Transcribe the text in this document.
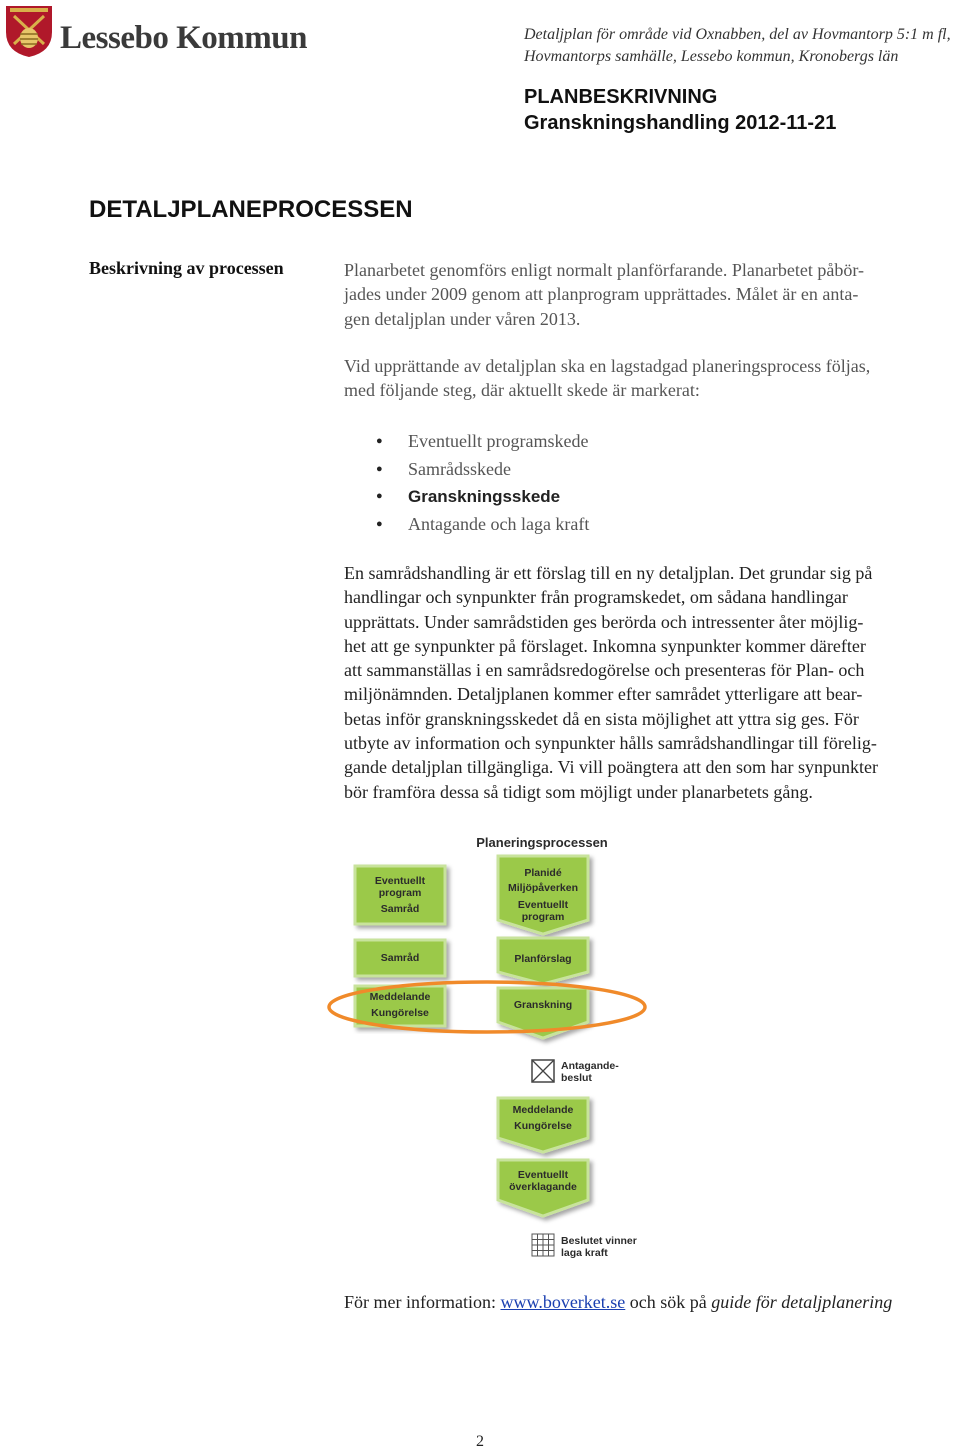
Lessebo Kommun	Detaljplan för område vid Oxnabben, del av Hovmantorp 5:1 m fl,
Hovmantorps samhälle, Lessebo kommun, Kronobergs län
PLANBESKRIVNING
Granskningshandling 2012-11-21
DETALJPLANEPROCESSEN
Beskrivning av processen	Planarbetet genomförs enligt normalt planförfarande. Planarbetet påbör-
jades under 2009 genom att planprogram upprättades. Målet är en anta-
gen detaljplan under våren 2013.
Vid upprättande av detaljplan ska en lagstadgad planeringsprocess följas,
med följande steg, där aktuellt skede är markerat:
● Eventuellt programskede
● Samrådsskede
● Granskningsskede
● Antagande och laga kraft
En samrådshandling är ett förslag till en ny detaljplan. Det grundar sig på
handlingar och synpunkter från programskedet, om sådana handlingar
upprättats. Under samrådstiden ges berörda och intressenter åter möjlig-
het att ge synpunkter på förslaget. Inkomna synpunkter kommer därefter
att sammanställas i en samrådsredogörelse och presenteras för Plan- och
miljönämnden. Detaljplanen kommer efter samrådet ytterligare att bear-
betas inför granskningsskedet då en sista möjlighet att yttra sig ges. För
utbyte av information och synpunkter hålls samrådshandlingar till förelig-
gande detaljplan tillgängliga. Vi vill poängtera att den som har synpunkter
bör framföra dessa så tidigt som möjligt under planarbetets gång.
Planeringsprocessen
Eventuellt
program
Samråd
Samråd
Meddelande
Kungörelse
Planidé
Miljöpåverken
Eventuellt
program
Planförslag
Granskning
Antagande-
beslut
Meddelande
Kungörelse
Eventuellt
överklagande
Beslutet vinner
laga kraft
För mer information: www.boverket.se och sök på guide för detaljplanering
2
